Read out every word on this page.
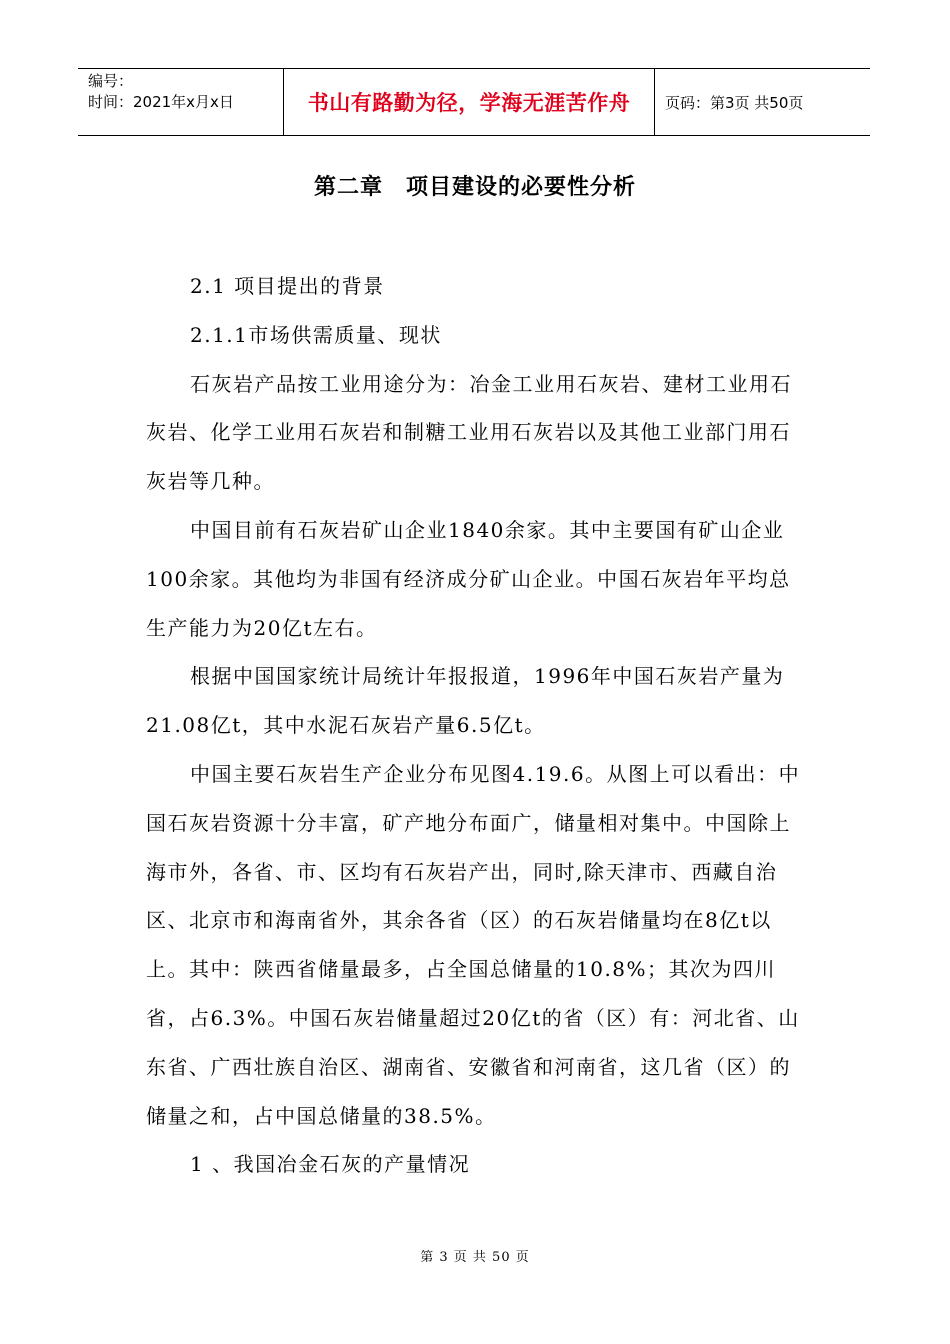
编号：
时间：2021年x月x日	书山有路勤为径，学海无涯苦作舟	页码：第3页 共50页
第二章　项目建设的必要性分析

2.1 项目提出的背景

2.1.1市场供需质量、现状

石灰岩产品按工业用途分为：冶金工业用石灰岩、建材工业用石灰岩、化学工业用石灰岩和制糖工业用石灰岩以及其他工业部门用石灰岩等几种。

中国目前有石灰岩矿山企业1840余家。其中主要国有矿山企业100余家。其他均为非国有经济成分矿山企业。中国石灰岩年平均总生产能力为20亿t左右。

根据中国国家统计局统计年报报道，1996年中国石灰岩产量为21.08亿t，其中水泥石灰岩产量6.5亿t。

中国主要石灰岩生产企业分布见图4.19.6。从图上可以看出：中国石灰岩资源十分丰富，矿产地分布面广，储量相对集中。中国除上海市外，各省、市、区均有石灰岩产出，同时,除天津市、西藏自治区、北京市和海南省外，其余各省（区）的石灰岩储量均在8亿t以上。其中：陕西省储量最多，占全国总储量的10.8%；其次为四川省，占6.3%。中国石灰岩储量超过20亿t的省（区）有：河北省、山东省、广西壮族自治区、湖南省、安徽省和河南省，这几省（区）的储量之和，占中国总储量的38.5%。

1 、我国冶金石灰的产量情况

第 3 页 共 50 页
